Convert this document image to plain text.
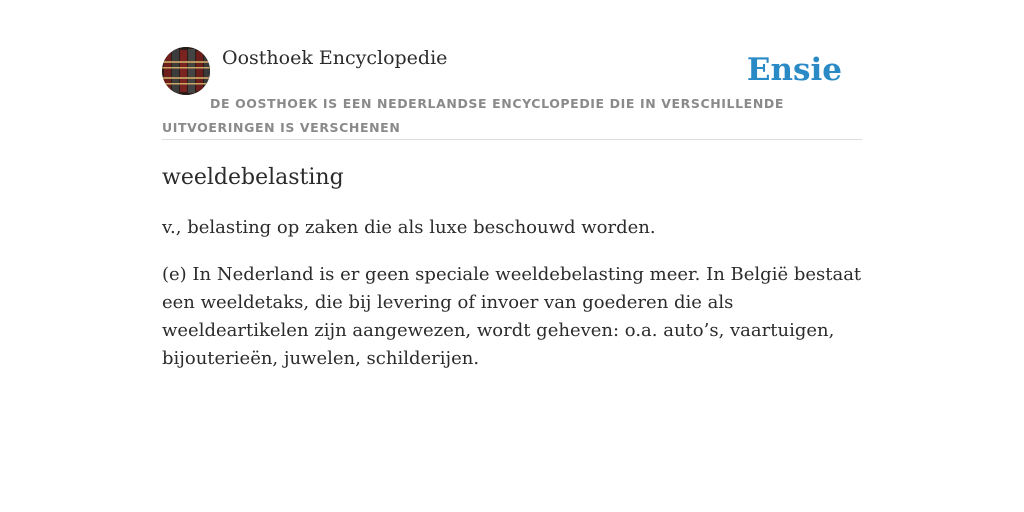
Oosthoek Encyclopedie	Ensie
DE OOSTHOEK IS EEN NEDERLANDSE ENCYCLOPEDIE DIE IN VERSCHILLENDE UITVOERINGEN IS VERSCHENEN
weeldebelasting

v., belasting op zaken die als luxe beschouwd worden.

(e) In Nederland is er geen speciale weeldebelasting meer. In België bestaat een weeldetaks, die bij levering of invoer van goederen die als weeldeartikelen zijn aangewezen, wordt geheven: o.a. auto’s, vaartuigen, bijouterieën, juwelen, schilderijen.
